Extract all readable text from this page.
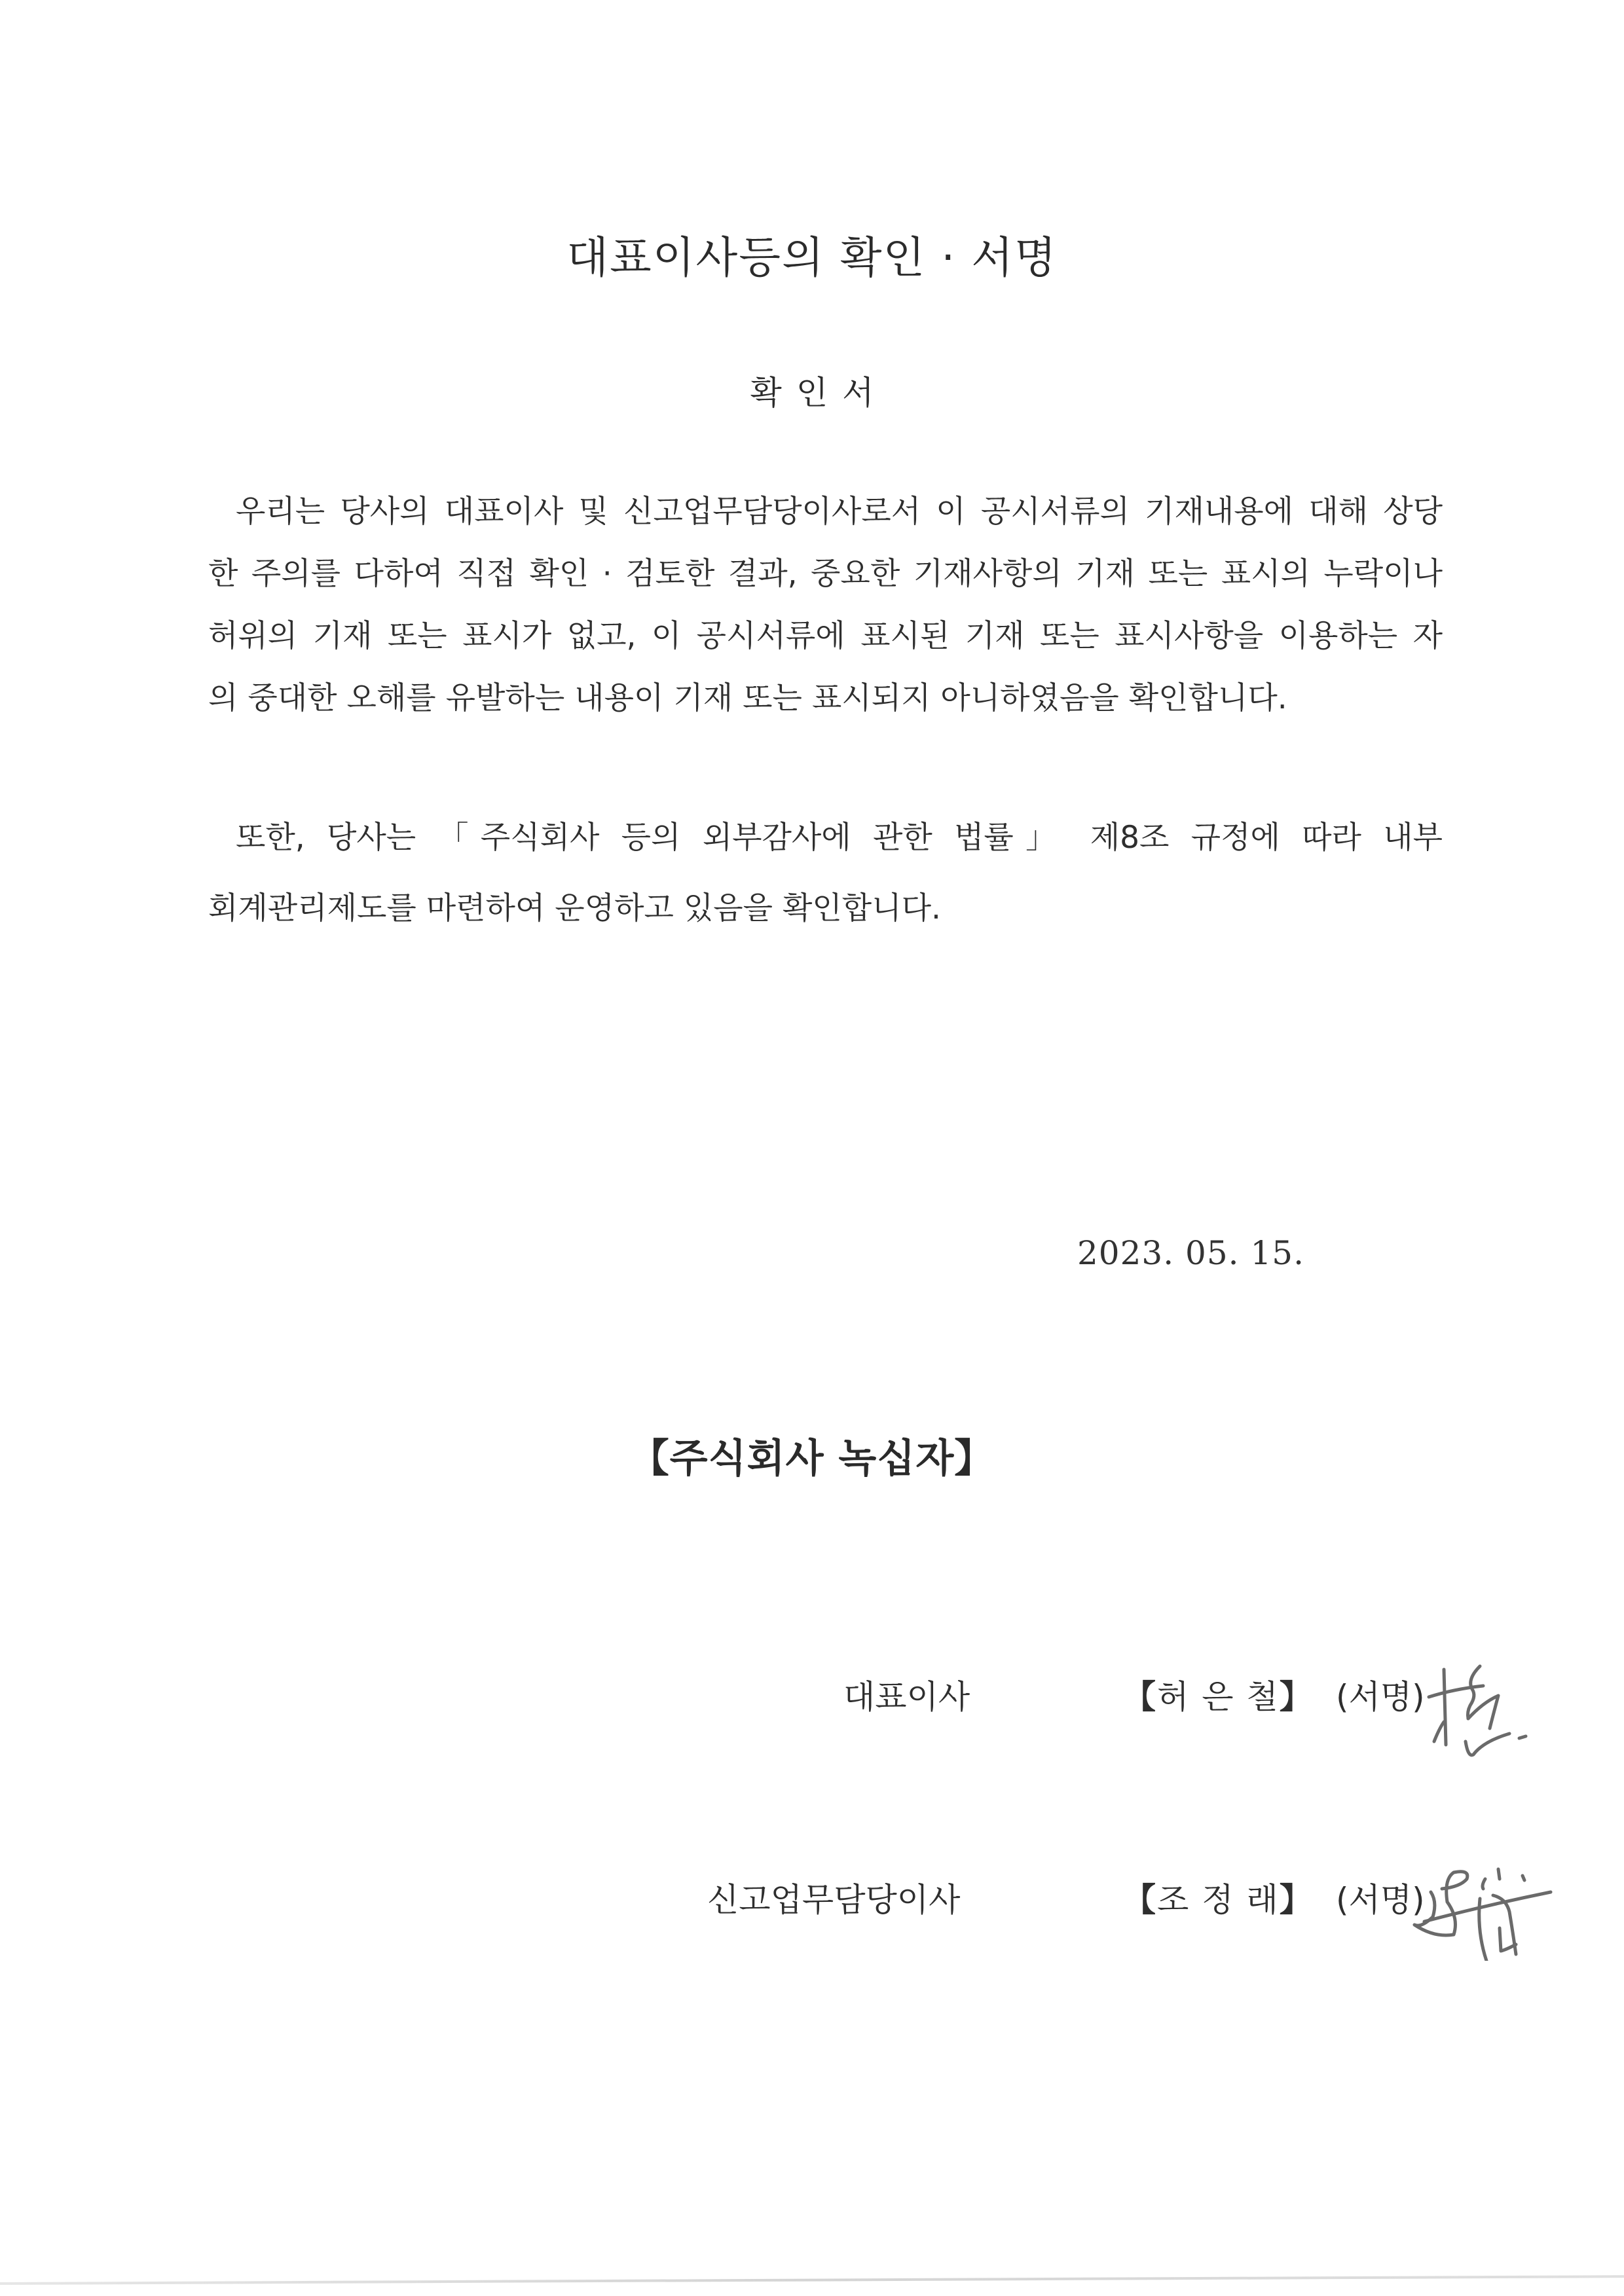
대표이사등의 확인 · 서명
확인서
우리는 당사의 대표이사 및 신고업무담당이사로서 이 공시서류의 기재내용에 대해 상당
한 주의를 다하여 직접 확인 · 검토한 결과, 중요한 기재사항의 기재 또는 표시의 누락이나
허위의 기재 또는 표시가 없고, 이 공시서류에 표시된 기재 또는 표시사항을 이용하는 자
의 중대한 오해를 유발하는 내용이 기재 또는 표시되지 아니하였음을 확인합니다.
또한, 당사는 「주식회사 등의 외부감사에 관한 법률」 제8조 규정에 따라 내부
회계관리제도를 마련하여 운영하고 있음을 확인합니다.
2023. 05. 15.
【주식회사 녹십자】
대표이사	【허 은 철】 (서명)
신고업무담당이사	【조 정 래】 (서명)
